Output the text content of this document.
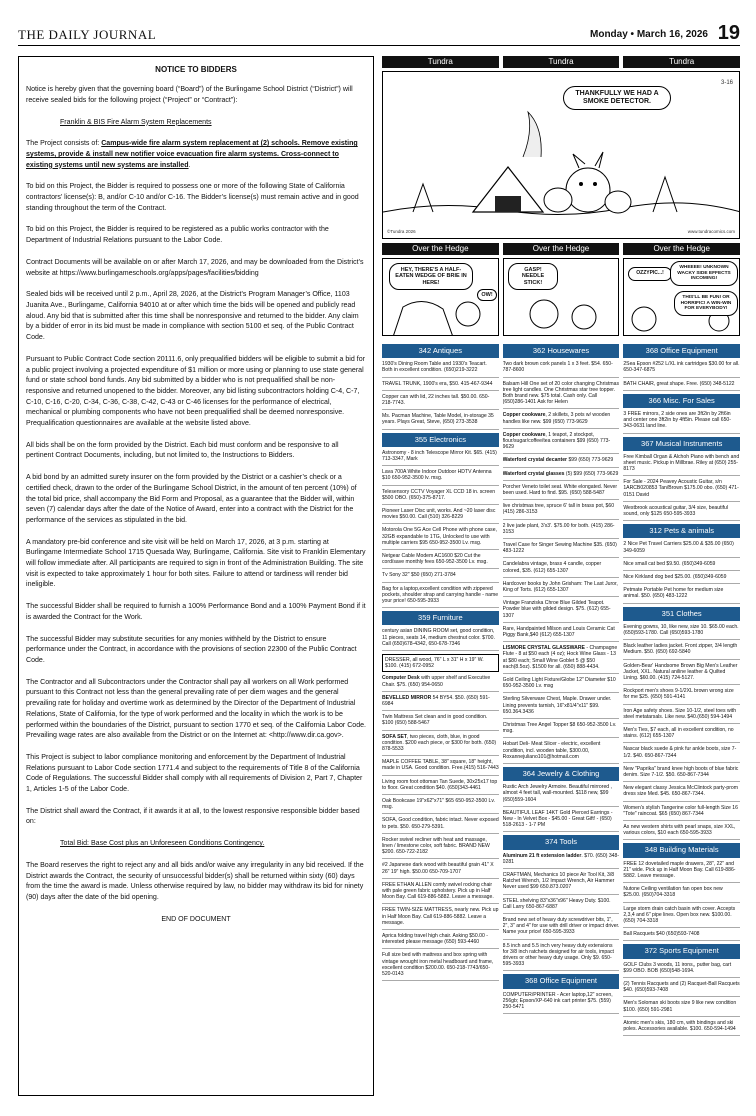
THE DAILY JOURNAL	Monday • March 16, 2026 19
NOTICE TO BIDDERS

Notice is hereby given that the governing board (“Board”) of the Burlingame School District (“District”) will receive sealed bids for the following project (“Project” or “Contract”):

Franklin & BIS Fire Alarm System Replacements

The Project consists of: Campus-wide fire alarm system replacement at (2) schools. Remove existing systems, provide & install new notifier voice evacuation fire alarm systems. Cross-connect to existing systems until new systems are installed.

To bid on this Project, the Bidder is required to possess one or more of the following State of California contractors’ license(s): B, and/or C-10 and/or C-16. The Bidder’s license(s) must remain active and in good standing throughout the term of the Contract.

To bid on this Project, the Bidder is required to be registered as a public works contractor with the Department of Industrial Relations pursuant to the Labor Code.

Contract Documents will be available on or after March 17, 2026, and may be downloaded from the District’s website at https://www.burlingameschools.org/apps/pages/facilities/bidding

Sealed bids will be received until 2 p.m., April 28, 2026, at the District’s Program Manager’s Office, 1103 Juanita Ave., Burlingame, California 94010 at or after which time the bids will be opened and publicly read aloud. Any bid that is submitted after this time shall be nonresponsive and returned to the bidder. Any claim by a bidder of error in its bid must be made in compliance with section 5100 et seq. of the Public Contract Code.

Pursuant to Public Contract Code section 20111.6, only prequalified bidders will be eligible to submit a bid for a public project involving a projected expenditure of $1 million or more using or planning to use state general fund or state school bond funds. Any bid submitted by a bidder who is not prequalified shall be non-responsive and returned unopened to the bidder. Moreover, any bid listing subcontractors holding C-4, C-7, C-10, C-16, C-20, C-34, C-36, C-38, C-42, C-43 or C-46 licenses for the performance of electrical, mechanical or plumbing components who have not been prequalified shall be deemed nonresponsive. Prequalification questionnaires are available at the website listed above.

All bids shall be on the form provided by the District. Each bid must conform and be responsive to all pertinent Contract Documents, including, but not limited to, the Instructions to Bidders.

A bid bond by an admitted surety insurer on the form provided by the District or a cashier’s check or a certified check, drawn to the order of the Burlingame School District, in the amount of ten percent (10%) of the total bid price, shall accompany the Bid Form and Proposal, as a guarantee that the Bidder will, within seven (7) calendar days after the date of the Notice of Award, enter into a contract with the District for the performance of the services as stipulated in the bid.

A mandatory pre-bid conference and site visit will be held on March 17, 2026, at 3 p.m. starting at Burlingame Intermediate School 1715 Quesada Way, Burlingame, California. Site visit to Franklin Elementary will follow immediate after. All participants are required to sign in front of the Administration Building. The site visit is expected to take approximately 1 hour for both sites. Failure to attend or tardiness will render bid ineligible.

The successful Bidder shall be required to furnish a 100% Performance Bond and a 100% Payment Bond if it is awarded the Contract for the Work.

The successful Bidder may substitute securities for any monies withheld by the District to ensure performance under the Contract, in accordance with the provisions of section 22300 of the Public Contract Code.

The Contractor and all Subcontractors under the Contractor shall pay all workers on all Work performed pursuant to this Contract not less than the general prevailing rate of per diem wages and the general prevailing rate for holiday and overtime work as determined by the Director of the Department of Industrial Relations, State of California, for the type of work performed and the locality in which the work is to be performed within the boundaries of the District, pursuant to section 1770 et seq. of the California Labor Code. Prevailing wage rates are also available from the District or on the Internet at: <http://www.dir.ca.gov>.

This Project is subject to labor compliance monitoring and enforcement by the Department of Industrial Relations pursuant to Labor Code section 1771.4 and subject to the requirements of Title 8 of the California Code of Regulations. The successful Bidder shall comply with all requirements of Division 2, Part 7, Chapter 1, Articles 1-5 of the Labor Code.

The District shall award the Contract, if it awards it at all, to the lowest responsive responsible bidder based on:

Total Bid: Base Cost plus an Unforeseen Conditions Contingency.

The Board reserves the right to reject any and all bids and/or waive any irregularity in any bid received. If the District awards the Contract, the security of unsuccessful bidder(s) shall be returned within sixty (60) days from the time the award is made. Unless otherwise required by law, no bidder may withdraw its bid for ninety (90) days after the date of the bid opening.

END OF DOCUMENT

Tundra	Tundra	Tundra
THANKFULLY WE HAD A SMOKE DETECTOR.
3-16
©Tundra 2026	www.tundracomics.com
Over the Hedge	Over the Hedge	Over the Hedge
HEY, THERE'S A HALF-EATEN WEDGE OF BRIE IN HERE!
OW!
GASP! NEEDLE STICK!
OZZYPIC...!
WHEEEE! UNKNOWN WACKY SIDE EFFECTS INCOMING!
THIS'LL BE FUN! OR HORRIFIC! A WIN-WIN FOR EVERYBODY!
342 Antiques
1930's Dining Room Table and 1930's Teacart. Both in excellent condition. (650)219-3222
TRAVEL TRUNK, 1900's era, $50. 415-467-9344
Copper can with lid, 22 inches tall. $50.00. 650-218-7743.
Ms. Pacman Machine, Table Model, in-storage 35 years. Plays Great, Steve, (650) 273-3538
355 Electronics
Astronomy - 8 inch Telescope Mirror Kit. $65. (415) 713-3347, Mark
Lava 700A White Indoor Outdoor HDTV Antenna $10 650-952-3500 lv. msg.
Telesensory CCTV Voyager XL CCD 18 in. screen $500 OBO. (650)-375-8717.
Pioneer Laser Disc unit, works. And ~20 laser disc movies $50.00. Call (510) 326-8229
Motorola One 5G Ace Cell Phone with phone case, 32GB expandable to 1TG, Unlocked to use with multiple carriers $95 650-952-3500 Lv. msg.
Netgear Cable Modem AC1600 $20 Cut the cord/save monthly fees 650-952-3500 Lv. msg.
Tv Sony 32" $50 (650) 271-3784
Bag for a laptop,excellent condition with zippered pockets, shoulder strap and carrying handle - name your price! 650-595-3933
359 Furniture
century asian DINING ROOM set, good condition, 11 pieces, seats 14, medium chestnut color. $700. Call (650)678-4342, 650-678-7346
DRESSER, all wood, 76" L x 31" H x 19" W. $100. (415) 672-0952
Computer Desk with upper shelf and Executive Chair. $75. (650) 954-0650
BEVELLED MIRROR 54 BY54. $50. (650) 591-6984
Twin Mattress Set clean and in good condition. $100 (650) 588-5467
SOFA SET, two pieces, cloth, blue, in good condition. $200 each piece, or $300 for both. (650) 878-5533
MAPLE COFFEE TABLE, 38" square, 18" height, made in USA. Good condition. Free.(415) 516-7443
Living room foot ottoman Tan Suede, 30x25x17 top to floor. Great condition $40. (650)343-4461
Oak Bookcase 19"x62"x71" $65 650-952-3500 Lv. msg.
SOFA, Good condition, fabric intact. Never exposed to pets. $50. 650-279-5391.
Rocker swivel recliner with heat and massage, linen / limestone color, soft fabric. BRAND NEW $200. 650-722-2182
#2 Japanese dark wood with beautiful grain 41" X 26" 19" high. $50.00 650-709-1707
FREE ETHAN ALLEN comfy swivel rocking chair with pale green fabric upholstery. Pick up in Half Moon Bay. Call 619-886-5882. Leave a message.
FREE TWIN-SIZE MATTRESS, nearly new. Pick up in Half Moon Bay. Call 619-886-5882. Leave a message.
Aprica folding travel high chair. Asking $50.00 - interested please message (650) 593-4460
Full size bed with mattress and box spring with vintage wrought iron metal headboard and frame, excellent condition $200.00. 650-218-7743/650-520-0143
362 Housewares
Two dark brown cork panels 1 x 3 feet. $54. 650-787-8600
Balsam Hill One set of 20 color changing Christmas tree light candles. One Christmas star tree topper. Both brand new. $75 total. Cash only. Call (650)286-1401 Ask for Helen
Copper cookware, 2 skillets, 3 pots w/ wooden handles like new. $99 (650) 773-9629
Copper cookware, 1 teapot, 2 stockpot, flour/sugar/coffee/tea containers $99 (650) 773-9629
Waterford crystal decanter $99 (650) 773-9629
Waterford crystal glasses (5) $99 (650) 773-9629
Porcher Veneto toilet seat. White elongated. Never been used. Hard to find. $95. (650) 588-5487
live christmas tree, spruce 6' tall in brass pot, $60 (415) 286-3153
2 live jade plant, 3'x3'. $75.00 for both. (415) 286-3153
Travel Case for Singer Sewing Machine $35. (650) 483-1222
Candelabra vintage, brass 4 candle, copper colored, $35. (612) 655-1307
Hardcover books by John Grisham: The Last Juror, King of Torts. (612) 655-1307
Vintage Franziska Chroe Blue Gilded Teapot. Powder blue with gilded design. $75. (612) 655-1307
Rare, Handpainted Milson and Louis Ceramic Cat Piggy Bank,$40 (612) 655-1307
LISMORE CRYSTAL GLASSWARE - Champagne Flute - 8 at $50 each (4 oz); Hock Wine Glass - 13 at $80 each; Small Wine Goblet 5 @ $50 each(8.5oz). $1500 for all. (650) 888-4434.
Gold Ceiling Light Fixture/Globe 12" Diameter $10 650-952-3500 Lv. msg
Sterling Silverware Chest, Maple. Drawer under. Lining prevents tarnish, 16"x81/4"x11" $99. 650.364.3436
Christmas Tree Angel Topper $8 650-952-3500 Lv. msg.
Hobart Deli- Meat Slicer - electric, excellent condition, incl. wooden table, $300.00, Roxannejuliano101@hotmail.com
364 Jewelry & Clothing
Rustic Arch Jewelry Armoire. Beautiful mirrored , almost 4 feet tall, wall-mounted. $118 new, $99 (650)559-1604
BEAUTIFUL LEAF 14KT Gold Pierced Earrings - New - In Velvet Box - $45.00 - Great Gift! - (650) 518-2613 - 1-7 PM
374 Tools
Aluminum 21 ft extension ladder. $70. (650) 348-0281
CRAFTMAN, Mechanics 10 piece Air Tool Kit, 3/8 Ratchet Wrench, 1/2 Impact Wrench, Air Hammer Never used $99 650.873.0207
STEEL shelving 83"x36"x96" Heavy Duty. $100. Call Larry 650-867-6887
Brand new set of heavy duty screwdriver bits, 1", 2", 3" and 4" for use with drill driver or impact driver. Name your price! 650-595-3933
8.5 inch and 5.5 inch very heavy duty extensions for 3/8 inch ratchets designed for air tools, impact drivers or other heavy duty usage. Only $9. 650-595-3933
368 Office Equipment
COMPUTER/PRINTER - Acer laptop,12" screen, 256gb; Epson/XP-640 ink cart printer $75. (559) 250-5471
368 Office Equipment
2Sea Epson #252 L/XL ink cartridges $30.00 for all. 650-347-6875
BATH CHAIR, great shape. Free. (650) 348-5122
366 Misc. For Sales
3 FREE mirrors, 2 side ones are 3ft2in by 2ft6in and center one 3ft2in by 4ft5in. Please call 650-343-0631 land line.
367 Musical Instruments
Free Kimball Organ & Alchoh Piano with bench and sheet music. Pickup in Millbrae. Riley at (650) 255-8173
For Sale - 2024 Peavey Acoustic Guitar, s/n 1ARCB020853 Tan/Brown $175.00 obo. (650) 471-0151 David
Westbrook acoustical guitar, 3/4 size, beautiful sound, only $125 650-595-3933
312 Pets & animals
2 Nice Pet Travel Carriers $25.00 & $35.00 (650) 349-6059
Nice small cat bed $9.50. (650)349-6059
Nice Kirkland dog bed $25.00. (650)349-6059
Petmate Portable Pet home for medium size animal. $50. (650) 483-1222
351 Clothes
Evening gowns, 10, like new, size 10. $65.00 each. (650)593-1780. Call (650)593-1780
Black leather ladies jacket. Front zipper, 3/4 length Medium. $50. (650) 692-5840
Golden-Bear' Handsome Brown Big Men's Leather Jacket, XXL. Natural aniline leather & Quilted Lining. $60.00. (415) 724-5127.
Rockport men's shoes 9-1/2XL brown wrong size for me $25. (650) 591-4141
Iron Age safety shoes. Size 10-1/2, steel toes with steel metatarsals. Like new. $40.(650) 594-1494
Men's Ties, $7 each, all in excellent condition, no stains. (612) 655-1307
Nascar black suede & pink fur ankle boots, size 7-1/2. $40. 650-867-7344
New "Paprika" brand knee high boots of blue fabric denim. Size 7-1/2. $50. 650-867-7344
New elegant classy Jessica McClintock party-prom dress size Med. $45. 650-867-7344.
Women's stylish Tangerine color full-length Size 16 "Tote" raincoat. $65 (650) 867-7344
As new western shirts with pearl snaps, size XXL, various colors, $10 each 650-595-3933
348 Building Materials
FREE 12 dovetailed maple drawers, 28", 22" and 21" wide. Pick up in Half Moon Bay. Call 619-886-5882. Leave message.
Nutone Ceiling ventilation fan open box new $25.00. (650)704-3318
Large storm drain catch basin with cover. Accepts 2,3,4 and 6" pipe lines. Open box new. $100.00. (650) 704-3318
Ball Racquets $40 (650)593-7408
372 Sports Equipment
GOLF Clubs 3 woods, 11 irons,, putter bag, cart $99 OBO. BOB (650)548-1694.
(2) Tennis Racquets and (2) Racquet-Ball Racquets $40. (650)593-7408
Men's Soloman ski boots size 9 like new condition $100. (650) 591-2981
Atomic men's skis, 180 cm, with bindings and ski poles. Accessories available. $100. 650-594-1494
